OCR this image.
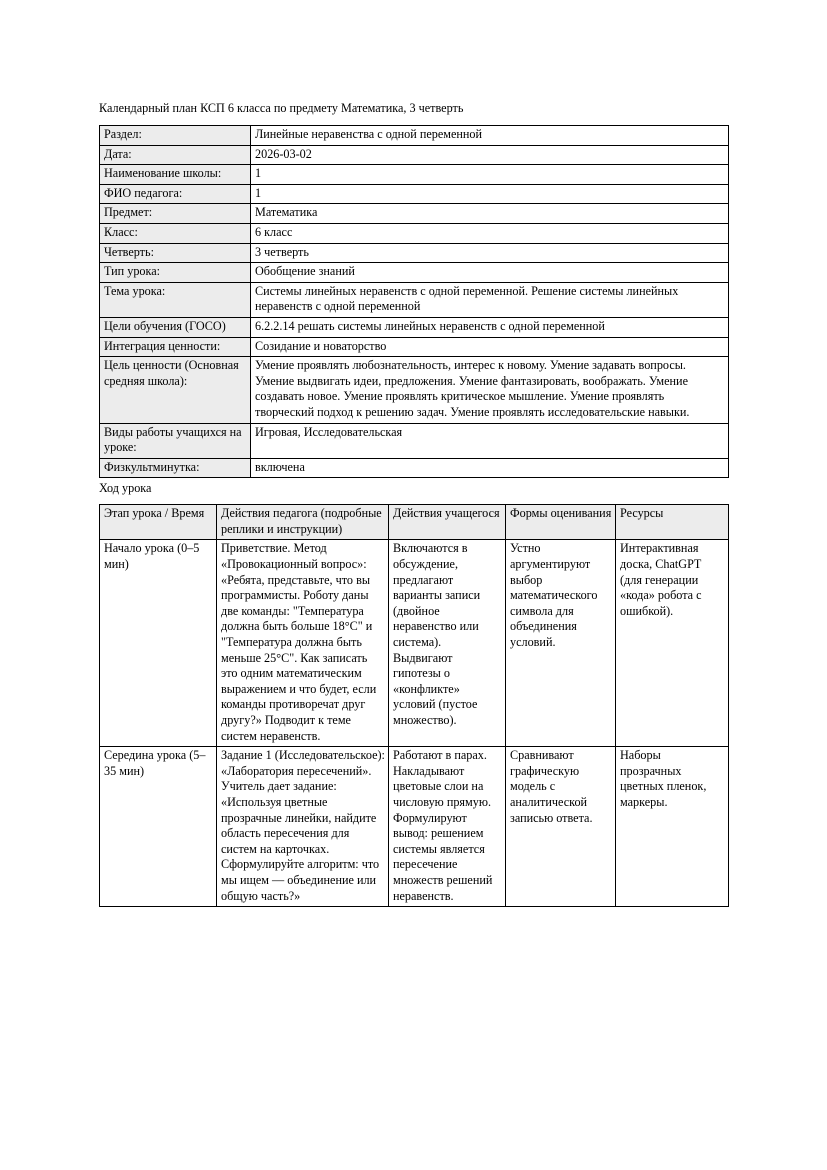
Календарный план КСП 6 класса по предмету Математика, 3 четверть

Раздел:	Линейные неравенства с одной переменной
Дата:	2026-03-02
Наименование школы:	1
ФИО педагога:	1
Предмет:	Математика
Класс:	6 класс
Четверть:	3 четверть
Тип урока:	Обобщение знаний
Тема урока:	Системы линейных неравенств с одной переменной. Решение системы линейных неравенств с одной переменной
Цели обучения (ГОСО)	6.2.2.14 решать системы линейных неравенств с одной переменной
Интеграция ценности:	Созидание и новаторство
Цель ценности (Основная средняя школа):	Умение проявлять любознательность, интерес к новому. Умение задавать вопросы. Умение выдвигать идеи, предложения. Умение фантазировать, воображать. Умение создавать новое. Умение проявлять критическое мышление. Умение проявлять творческий подход к решению задач. Умение проявлять исследовательские навыки.
Виды работы учащихся на уроке:	Игровая, Исследовательская
Физкультминутка:	включена

Ход урока

Этап урока / Время	Действия педагога (подробные реплики и инструкции)	Действия учащегося	Формы оценивания	Ресурсы
Начало урока (0–5 мин)	Приветствие. Метод «Провокационный вопрос»: «Ребята, представьте, что вы программисты. Роботу даны две команды: "Температура должна быть больше 18°C" и "Температура должна быть меньше 25°C". Как записать это одним математическим выражением и что будет, если команды противоречат друг другу?» Подводит к теме систем неравенств.	Включаются в обсуждение, предлагают варианты записи (двойное неравенство или система). Выдвигают гипотезы о «конфликте» условий (пустое множество).	Устно аргументируют выбор математического символа для объединения условий.	Интерактивная доска, ChatGPT (для генерации «кода» робота с ошибкой).
Середина урока (5–35 мин)	Задание 1 (Исследовательское): «Лаборатория пересечений». Учитель дает задание: «Используя цветные прозрачные линейки, найдите область пересечения для систем на карточках. Сформулируйте алгоритм: что мы ищем — объединение или общую часть?»	Работают в парах. Накладывают цветовые слои на числовую прямую. Формулируют вывод: решением системы является пересечение множеств решений неравенств.	Сравнивают графическую модель с аналитической записью ответа.	Наборы прозрачных цветных пленок, маркеры.
